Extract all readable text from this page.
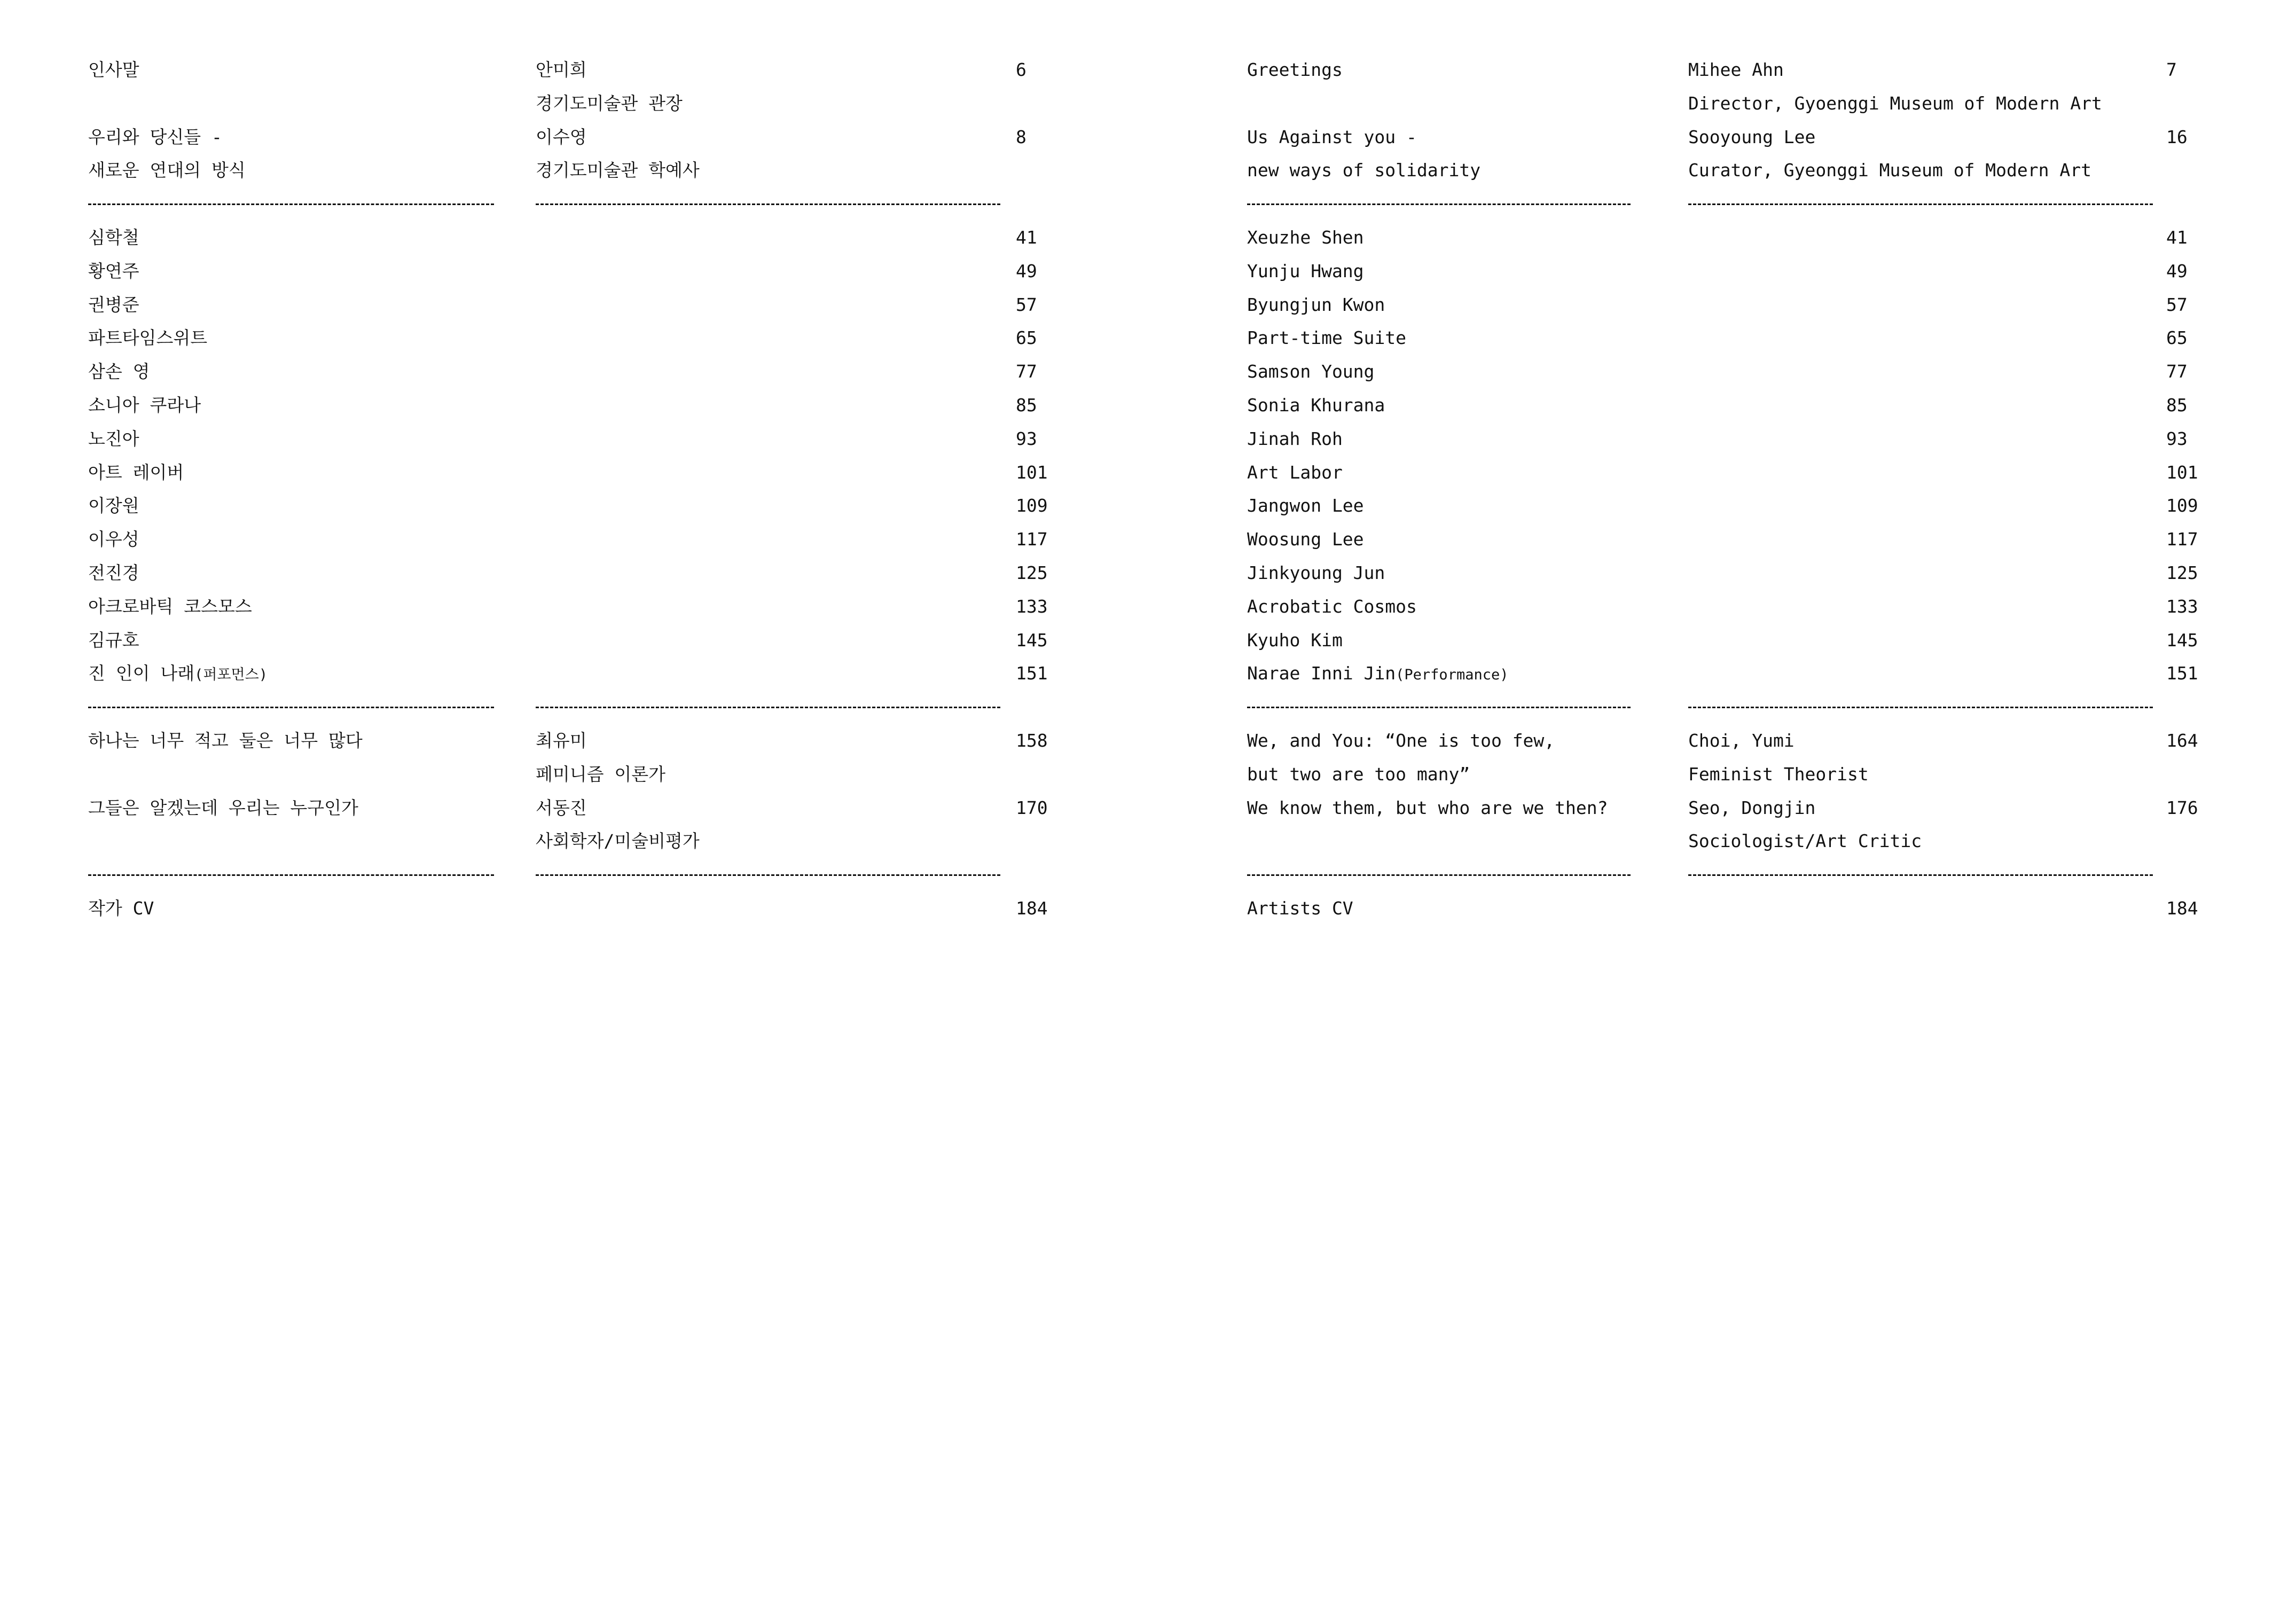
인사말	안미희	6
경기도미술관 관장
우리와 당신들 -	이수영	8
새로운 연대의 방식	경기도미술관 학예사
심학철	41
황연주	49
권병준	57
파트타임스위트	65
삼손 영	77
소니아 쿠라나	85
노진아	93
아트 레이버	101
이장원	109
이우성	117
전진경	125
아크로바틱 코스모스	133
김규호	145
진 인이 나래(퍼포먼스)	151
하나는 너무 적고 둘은 너무 많다	최유미	158
페미니즘 이론가
그들은 알겠는데 우리는 누구인가	서동진	170
사회학자/미술비평가
작가 CV	184
Greetings	Mihee Ahn	7
Director, Gyoenggi Museum of Modern Art
Us Against you -	Sooyoung Lee	16
new ways of solidarity	Curator, Gyeonggi Museum of Modern Art
Xeuzhe Shen	41
Yunju Hwang	49
Byungjun Kwon	57
Part-time Suite	65
Samson Young	77
Sonia Khurana	85
Jinah Roh	93
Art Labor	101
Jangwon Lee	109
Woosung Lee	117
Jinkyoung Jun	125
Acrobatic Cosmos	133
Kyuho Kim	145
Narae Inni Jin(Performance)	151
We, and You: “One is too few,	Choi, Yumi	164
but two are too many”	Feminist Theorist
We know them, but who are we then?	Seo, Dongjin	176
Sociologist/Art Critic
Artists CV	184
